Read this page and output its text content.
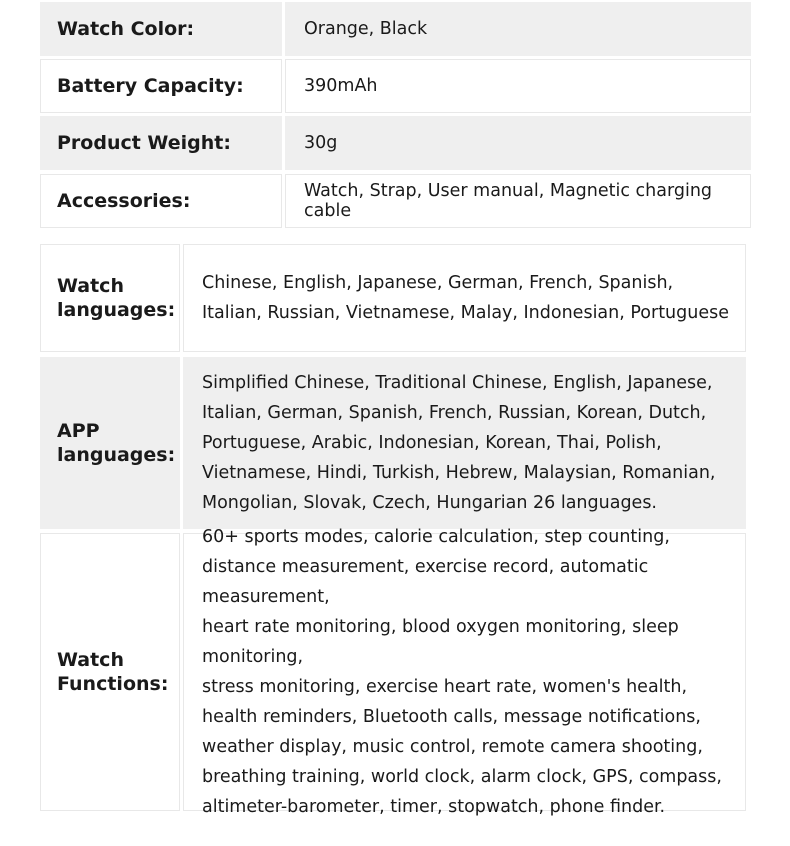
Watch Color:	Orange, Black
Battery Capacity:	390mAh
Product Weight:	30g
Accessories:	Watch, Strap, User manual, Magnetic charging cable
Watch
languages:
Chinese, English, Japanese, German, French, Spanish,
Italian, Russian, Vietnamese, Malay, Indonesian, Portuguese
APP
languages:
Simplified Chinese, Traditional Chinese, English, Japanese,
Italian, German, Spanish, French, Russian, Korean, Dutch,
Portuguese, Arabic, Indonesian, Korean, Thai, Polish,
Vietnamese, Hindi, Turkish, Hebrew, Malaysian, Romanian,
Mongolian, Slovak, Czech, Hungarian 26 languages.
Watch
Functions:
60+ sports modes, calorie calculation, step counting,
distance measurement, exercise record, automatic measurement,
heart rate monitoring, blood oxygen monitoring, sleep monitoring,
stress monitoring, exercise heart rate, women's health,
health reminders, Bluetooth calls, message notifications,
weather display, music control, remote camera shooting,
breathing training, world clock, alarm clock, GPS, compass,
altimeter-barometer, timer, stopwatch, phone finder.
